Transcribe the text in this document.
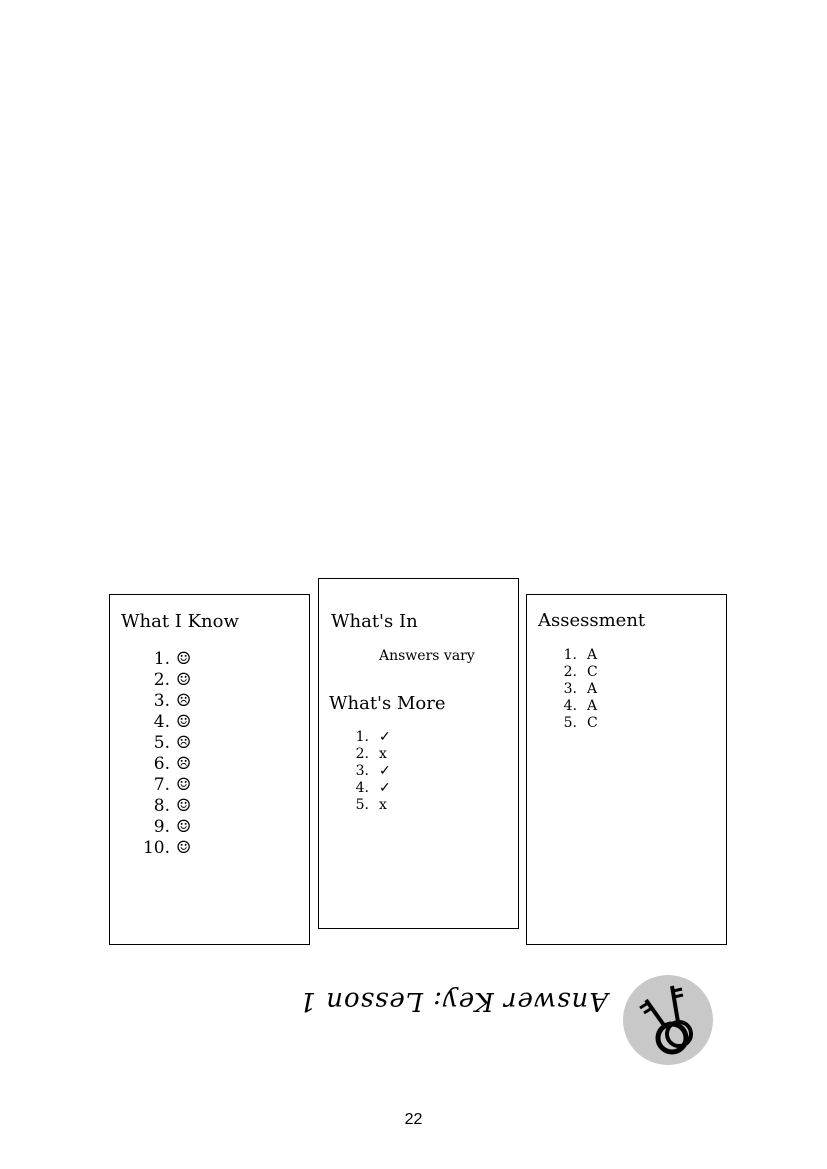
What I Know
1. ☺
2. ☺
3. ☹
4. ☺
5. ☹
6. ☹
7. ☺
8. ☺
9. ☺
10. ☺
What's In
Answers vary
What's More
1. ✓
2. x
3. ✓
4. ✓
5. x
Assessment
1. A
2. C
3. A
4. A
5. C
Answer Key: Lesson 1
22
